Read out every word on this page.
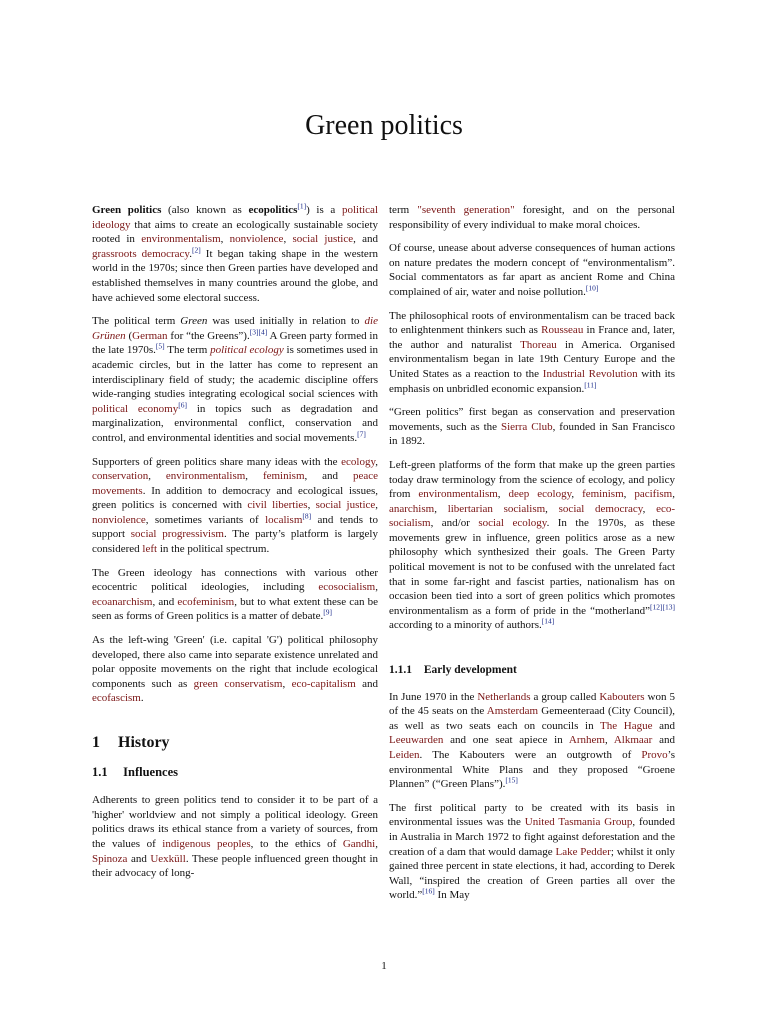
Green politics

Green politics (also known as ecopolitics[1]) is a political ideology that aims to create an ecologically sustainable society rooted in environmentalism, nonviolence, social justice, and grassroots democracy.[2] It began taking shape in the western world in the 1970s; since then Green parties have developed and established themselves in many countries around the globe, and have achieved some electoral success.

The political term Green was used initially in relation to die Grünen (German for “the Greens”).[3][4] A Green party formed in the late 1970s.[5] The term political ecology is sometimes used in academic circles, but in the latter has come to represent an interdisciplinary field of study; the academic discipline offers wide-ranging studies integrating ecological social sciences with political economy[6] in topics such as degradation and marginalization, environmental conflict, conservation and control, and environmental identities and social movements.[7]

Supporters of green politics share many ideas with the ecology, conservation, environmentalism, feminism, and peace movements. In addition to democracy and ecological issues, green politics is concerned with civil liberties, social justice, nonviolence, sometimes variants of localism[8] and tends to support social progressivism. The party’s platform is largely considered left in the political spectrum.

The Green ideology has connections with various other ecocentric political ideologies, including ecosocialism, ecoanarchism, and ecofeminism, but to what extent these can be seen as forms of Green politics is a matter of debate.[9]

As the left-wing 'Green' (i.e. capital 'G') political philosophy developed, there also came into separate existence unrelated and polar opposite movements on the right that include ecological components such as green conservatism, eco-capitalism and ecofascism.

1 History
1.1 Influences

Adherents to green politics tend to consider it to be part of a 'higher' worldview and not simply a political ideology. Green politics draws its ethical stance from a variety of sources, from the values of indigenous peoples, to the ethics of Gandhi, Spinoza and Uexküll. These people influenced green thought in their advocacy of long-

term "seventh generation" foresight, and on the personal responsibility of every individual to make moral choices.

Of course, unease about adverse consequences of human actions on nature predates the modern concept of “environmentalism”. Social commentators as far apart as ancient Rome and China complained of air, water and noise pollution.[10]

The philosophical roots of environmentalism can be traced back to enlightenment thinkers such as Rousseau in France and, later, the author and naturalist Thoreau in America. Organised environmentalism began in late 19th Century Europe and the United States as a reaction to the Industrial Revolution with its emphasis on unbridled economic expansion.[11]

“Green politics” first began as conservation and preservation movements, such as the Sierra Club, founded in San Francisco in 1892.

Left-green platforms of the form that make up the green parties today draw terminology from the science of ecology, and policy from environmentalism, deep ecology, feminism, pacifism, anarchism, libertarian socialism, social democracy, eco-socialism, and/or social ecology. In the 1970s, as these movements grew in influence, green politics arose as a new philosophy which synthesized their goals. The Green Party political movement is not to be confused with the unrelated fact that in some far-right and fascist parties, nationalism has on occasion been tied into a sort of green politics which promotes environmentalism as a form of pride in the “motherland”[12][13] according to a minority of authors.[14]

1.1.1 Early development

In June 1970 in the Netherlands a group called Kabouters won 5 of the 45 seats on the Amsterdam Gemeenteraad (City Council), as well as two seats each on councils in The Hague and Leeuwarden and one seat apiece in Arnhem, Alkmaar and Leiden. The Kabouters were an outgrowth of Provo’s environmental White Plans and they proposed “Groene Plannen” (“Green Plans”).[15]

The first political party to be created with its basis in environmental issues was the United Tasmania Group, founded in Australia in March 1972 to fight against deforestation and the creation of a dam that would damage Lake Pedder; whilst it only gained three percent in state elections, it had, according to Derek Wall, “inspired the creation of Green parties all over the world.”[16] In May

1
